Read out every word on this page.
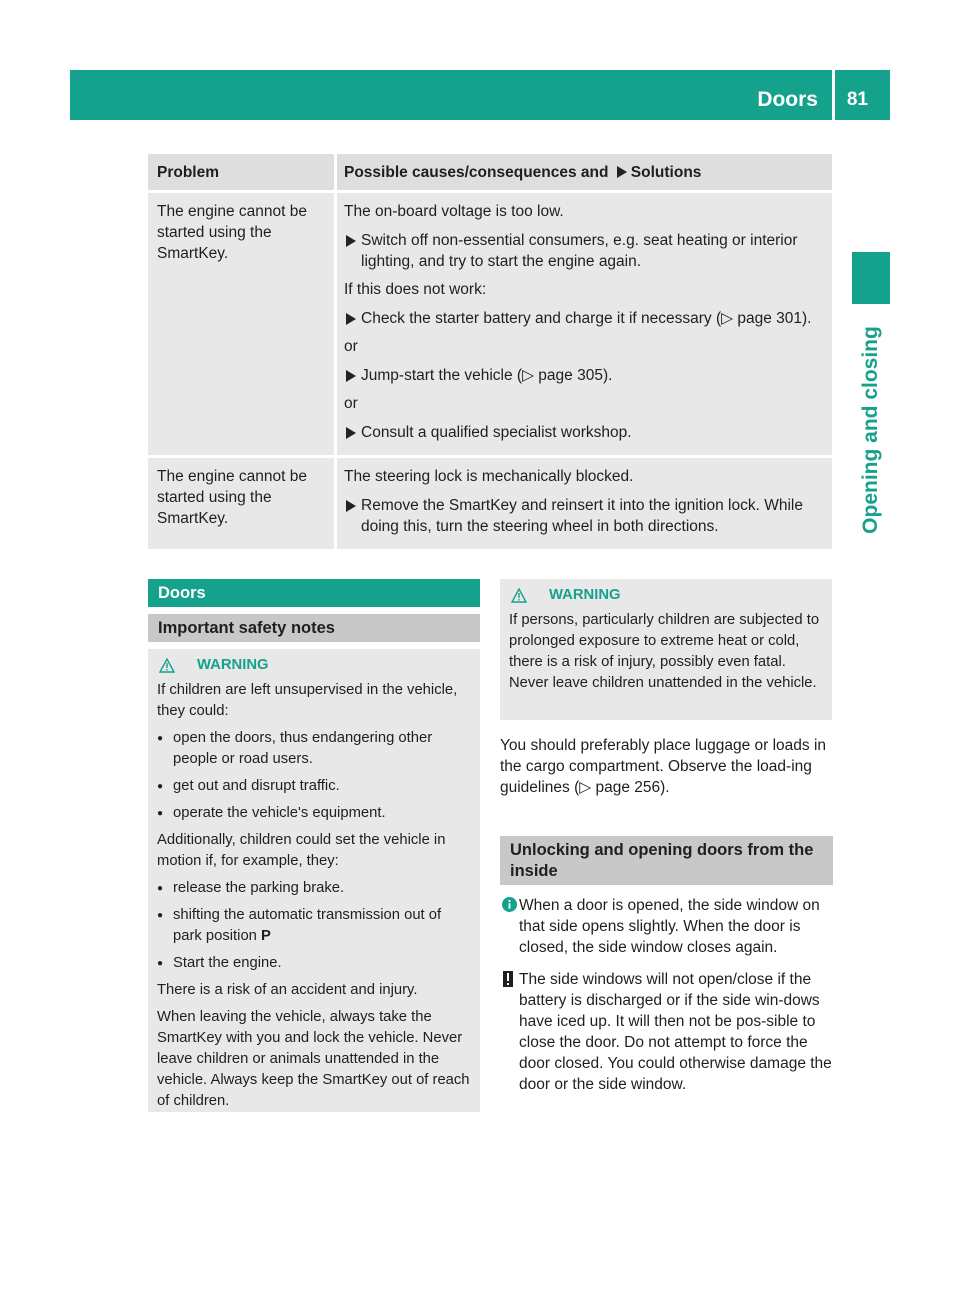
Doors 81
Opening and closing
Problem	Possible causes/consequences and Solutions
The engine cannot be started using the SmartKey.

The on-board voltage is too low.

Switch off non-essential consumers, e.g. seat heating or interior lighting, and try to start the engine again.

If this does not work:

Check the starter battery and charge it if necessary (▷ page 301).

or

Jump-start the vehicle (▷ page 305).

or

Consult a qualified specialist workshop.

The engine cannot be started using the SmartKey.

The steering lock is mechanically blocked.

Remove the SmartKey and reinsert it into the ignition lock. While doing this, turn the steering wheel in both directions.

Doors
Important safety notes
WARNING

If children are left unsupervised in the vehicle, they could:

● open the doors, thus endangering other people or road users.

● get out and disrupt traffic.

● operate the vehicle's equipment.

Additionally, children could set the vehicle in motion if, for example, they:

● release the parking brake.

● shifting the automatic transmission out of park position P

● Start the engine.

There is a risk of an accident and injury.

When leaving the vehicle, always take the SmartKey with you and lock the vehicle. Never leave children or animals unattended in the vehicle. Always keep the SmartKey out of reach of children.

WARNING

If persons, particularly children are subjected to prolonged exposure to extreme heat or cold, there is a risk of injury, possibly even fatal. Never leave children unattended in the vehicle.

You should preferably place luggage or loads in the cargo compartment. Observe the load-ing guidelines (▷ page 256).
Unlocking and opening doors from the inside
When a door is opened, the side window on that side opens slightly. When the door is closed, the side window closes again.
The side windows will not open/close if the battery is discharged or if the side win-dows have iced up. It will then not be pos-sible to close the door. Do not attempt to force the door closed. You could otherwise damage the door or the side window.
